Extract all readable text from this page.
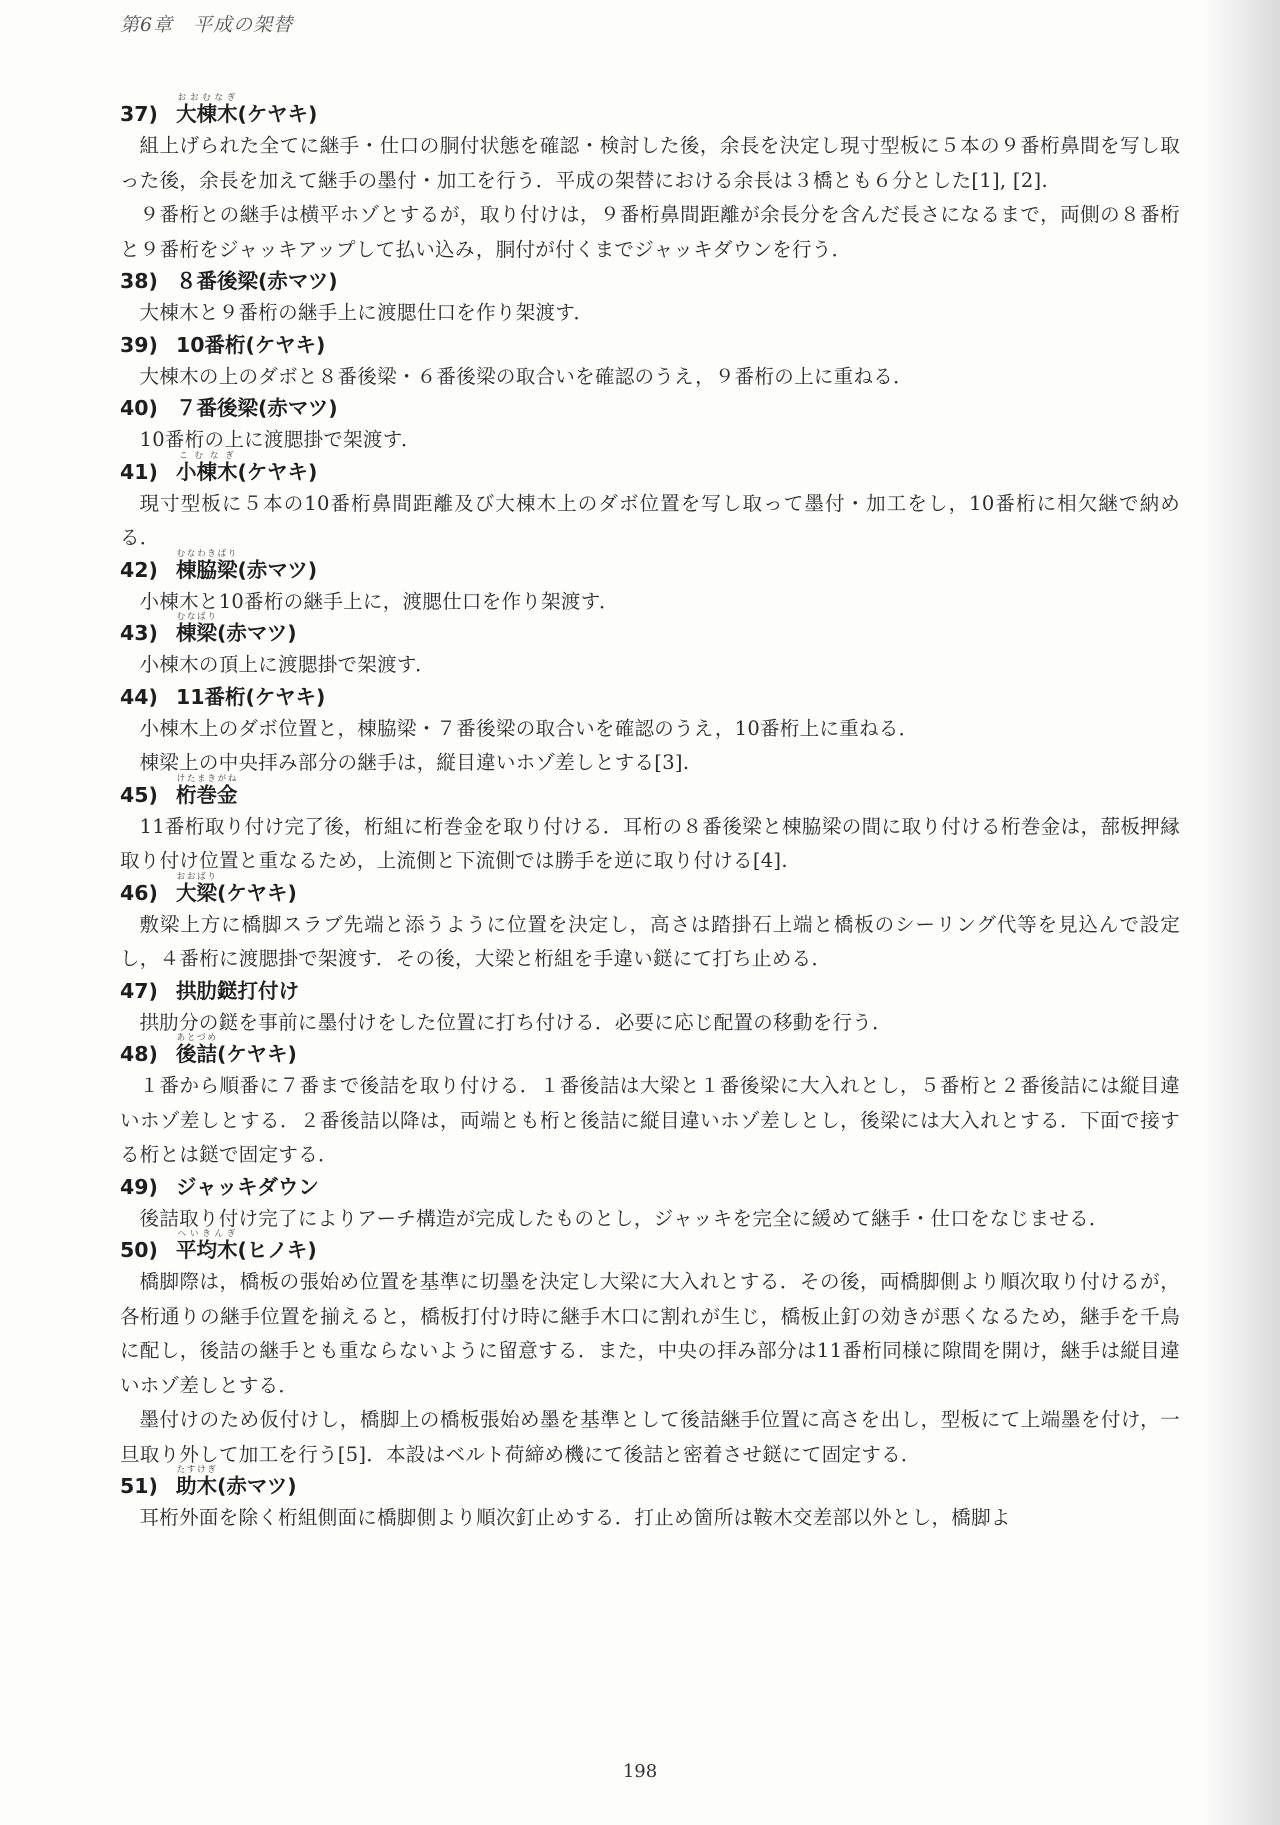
第6章　平成の架替
37) 大棟木おおむなぎ
(ケヤキ)

組上げられた全てに継手・仕口の胴付状態を確認・検討した後，余長を決定し現寸型板に５本の９番桁鼻間を写し取った後，余長を加えて継手の墨付・加工を行う．平成の架替における余長は３橋とも６分とした[1], [2].

９番桁との継手は横平ホゾとするが，取り付けは，９番桁鼻間距離が余長分を含んだ長さになるまで，両側の８番桁と９番桁をジャッキアップして払い込み，胴付が付くまでジャッキダウンを行う．

38) ８番後梁(赤マツ)

大棟木と９番桁の継手上に渡腮仕口を作り架渡す．

39) 10番桁(ケヤキ)

大棟木の上のダボと８番後梁・６番後梁の取合いを確認のうえ，９番桁の上に重ねる．

40) ７番後梁(赤マツ)

10番桁の上に渡腮掛で架渡す．

41) 小棟木こむなぎ
(ケヤキ)

現寸型板に５本の10番桁鼻間距離及び大棟木上のダボ位置を写し取って墨付・加工をし，10番桁に相欠継で納める．

42) 棟脇梁むなわきばり
(赤マツ)

小棟木と10番桁の継手上に，渡腮仕口を作り架渡す．

43) 棟梁むなばり
(赤マツ)

小棟木の頂上に渡腮掛で架渡す．

44) 11番桁(ケヤキ)

小棟木上のダボ位置と，棟脇梁・７番後梁の取合いを確認のうえ，10番桁上に重ねる．

棟梁上の中央拝み部分の継手は，縦目違いホゾ差しとする[3].

45) 桁巻金けたまきがね

11番桁取り付け完了後，桁組に桁巻金を取り付ける．耳桁の８番後梁と棟脇梁の間に取り付ける桁巻金は，蔀板押縁取り付け位置と重なるため，上流側と下流側では勝手を逆に取り付ける[4].

46) 大梁おおばり
(ケヤキ)

敷梁上方に橋脚スラブ先端と添うように位置を決定し，高さは踏掛石上端と橋板のシーリング代等を見込んで設定し，４番桁に渡腮掛で架渡す．その後，大梁と桁組を手違い鎹にて打ち止める．

47) 拱肋鎹打付け

拱肋分の鎹を事前に墨付けをした位置に打ち付ける．必要に応じ配置の移動を行う．

48) 後詰あとづめ
(ケヤキ)

１番から順番に７番まで後詰を取り付ける．１番後詰は大梁と１番後梁に大入れとし，５番桁と２番後詰には縦目違いホゾ差しとする．２番後詰以降は，両端とも桁と後詰に縦目違いホゾ差しとし，後梁には大入れとする．下面で接する桁とは鎹で固定する．

49) ジャッキダウン

後詰取り付け完了によりアーチ構造が完成したものとし，ジャッキを完全に緩めて継手・仕口をなじませる．

50) 平均木へいきんぎ
(ヒノキ)

橋脚際は，橋板の張始め位置を基準に切墨を決定し大梁に大入れとする．その後，両橋脚側より順次取り付けるが，各桁通りの継手位置を揃えると，橋板打付け時に継手木口に割れが生じ，橋板止釘の効きが悪くなるため，継手を千鳥に配し，後詰の継手とも重ならないように留意する．また，中央の拝み部分は11番桁同様に隙間を開け，継手は縦目違いホゾ差しとする．

墨付けのため仮付けし，橋脚上の橋板張始め墨を基準として後詰継手位置に高さを出し，型板にて上端墨を付け，一旦取り外して加工を行う[5]．本設はベルト荷締め機にて後詰と密着させ鎹にて固定する．

51) 助木たすけぎ
(赤マツ)

耳桁外面を除く桁組側面に橋脚側より順次釘止めする．打止め箇所は鞍木交差部以外とし，橋脚よ

198
